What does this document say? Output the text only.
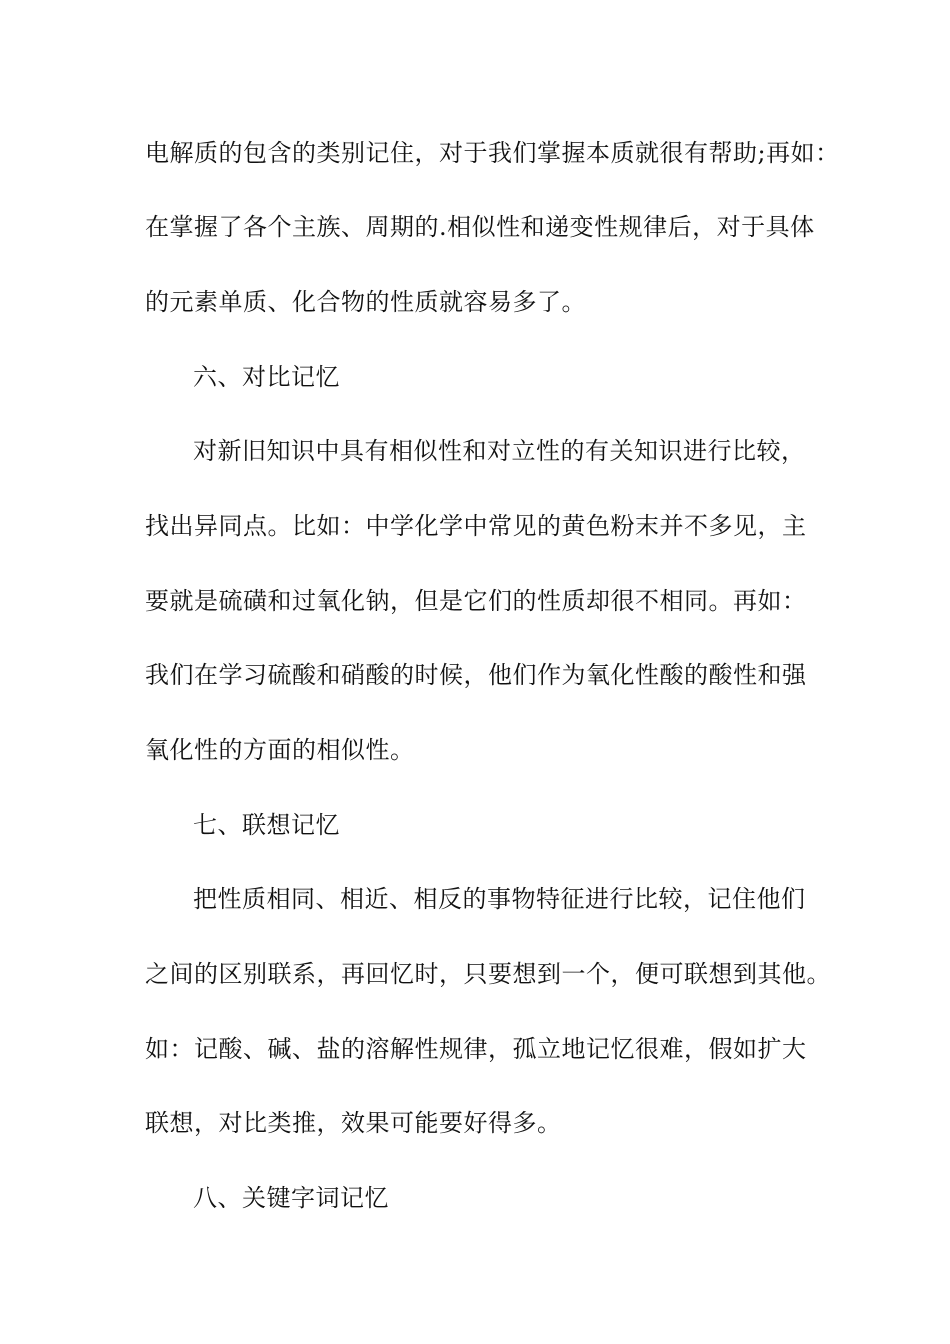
电解质的包含的类别记住，对于我们掌握本质就很有帮助;再如：
在掌握了各个主族、周期的.相似性和递变性规律后，对于具体
的元素单质、化合物的性质就容易多了。
六、对比记忆
对新旧知识中具有相似性和对立性的有关知识进行比较，
找出异同点。比如：中学化学中常见的黄色粉末并不多见，主
要就是硫磺和过氧化钠，但是它们的性质却很不相同。再如：
我们在学习硫酸和硝酸的时候，他们作为氧化性酸的酸性和强
氧化性的方面的相似性。
七、联想记忆
把性质相同、相近、相反的事物特征进行比较，记住他们
之间的区别联系，再回忆时，只要想到一个，便可联想到其他。
如：记酸、碱、盐的溶解性规律，孤立地记忆很难，假如扩大
联想，对比类推，效果可能要好得多。
八、关键字词记忆
